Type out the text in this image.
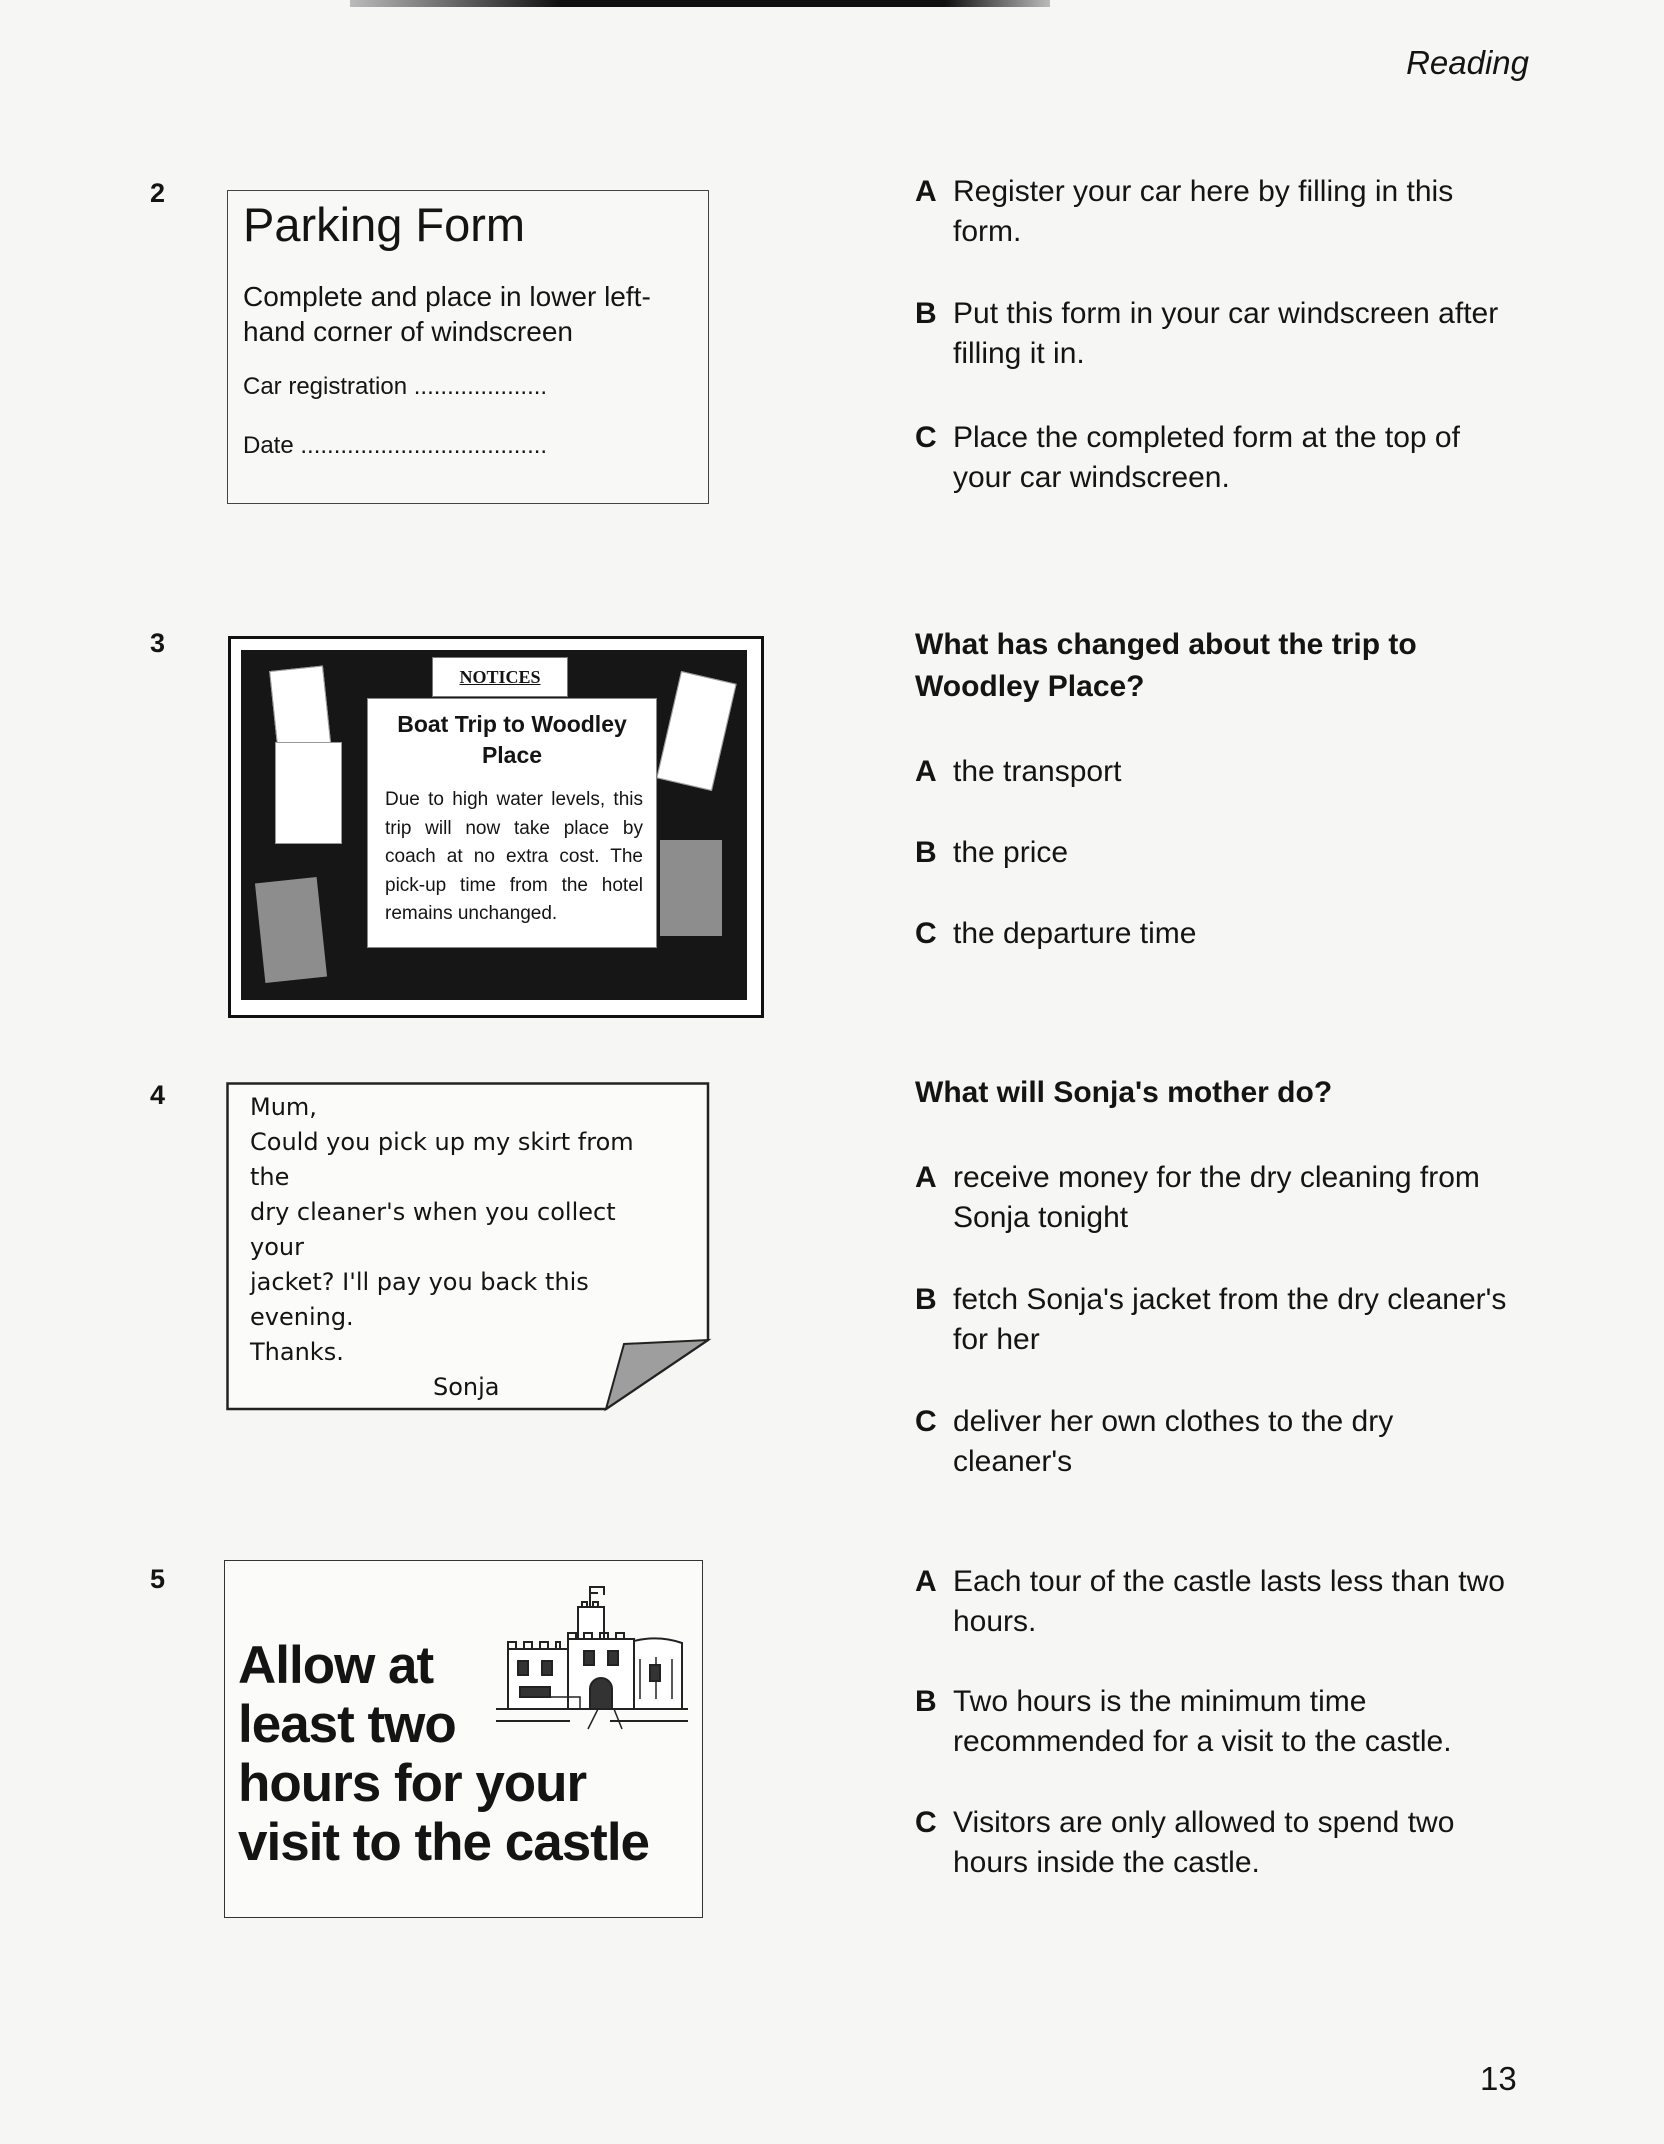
Reading
2
Parking Form
Complete and place in lower left-hand corner of windscreen
Car registration ....................
Date .....................................
A Register your car here by filling in this form.
B Put this form in your car windscreen after filling it in.
C Place the completed form at the top of your car windscreen.
3
NOTICES
Boat Trip to Woodley Place
Due to high water levels, this trip will now take place by coach at no extra cost. The pick-up time from the hotel remains unchanged.
What has changed about the trip to Woodley Place?
A the transport
B the price
C the departure time
4	Mum,
Could you pick up my skirt from the
dry cleaner's when you collect your
jacket? I'll pay you back this
evening.
Thanks.
Sonja
What will Sonja's mother do?
A receive money for the dry cleaning from Sonja tonight
B fetch Sonja's jacket from the dry cleaner's for her
C deliver her own clothes to the dry cleaner's
5
Allow at
least two
hours for your
visit to the castle
A Each tour of the castle lasts less than two hours.
B Two hours is the minimum time recommended for a visit to the castle.
C Visitors are only allowed to spend two hours inside the castle.
13
